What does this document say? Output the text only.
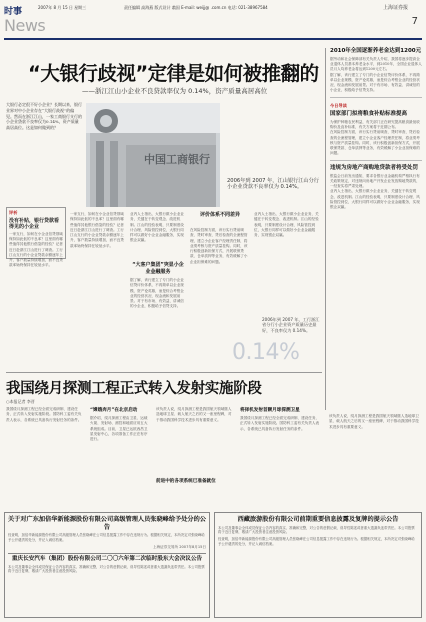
时事	2007年 8 月 15 日 星期三	责任编辑 高海燕 版式设计 翁国 E-mail: weijj@ .com.cn 电话: 021-38967584
News
上海证券报
7
“大银行歧视”定律是如何被推翻的
——浙江江山小企业不良贷款率仅为 0.14%，资产质量高居高位
大银行必定很不好小企业？长期以来，银行业界对中小企业存在“大银行歧视”的偏见。然而在浙江江山，一家工商银行支行的小企业贷款不良率仅为0.14%，资产质量高居高位。这是如何做到的？
中国工商银行
2006年到 2007 年，江山银行江山分行小企业贷款不良率仅为 0.14%。
评析
没有补贴，银行贷款看得见的小企业
一家支行，如何在小企业信贷领域保持如此低的不良率？这里面有哪些值得其他银行借鉴的经验？记者近日赴浙江江山进行了调查。工行江山支行的小企业贷款余额逐年上升，客户数量持续增加，而不良贷款率始终保持在较低水平。
一家支行，如何在小企业信贷领域保持如此低的不良率？这里面有哪些值得其他银行借鉴的经验？记者近日赴浙江江山进行了调查。工行江山支行的小企业贷款余额逐年上升，客户数量持续增加，而不良贷款率始终保持在较低水平。
“大客户集团”突显小企业金融服务
据了解，该行建立了专门的小企业信贷评价体系，不再简单以企业规模、资产论英雄，而是综合考察企业的经营状况、现金流和发展前景。对于有市场、有效益、讲诚信的小企业，积极给予信贷支持。
业内人士指出，大银行做小企业业务，关键在于转变观念、改进机制。江山的经验表明，只要制度设计合理、风险管控到位，大银行同样可以做好小企业金融服务，实现银企双赢。
评价体系不同差异
在风险控制方面，该行实行贷前调查、贷时审查、贷后检查的全流程管理，建立小企业客户经理责任制，将业绩考核与资产质量挂钩。同时，该行积极创新担保方式，开展联保贷款、仓单质押等业务，有效缓解了小企业担保难的问题。
业内人士指出，大银行做小企业业务，关键在于转变观念、改进机制。江山的经验表明，只要制度设计合理、风险管控到位，大银行同样可以做好小企业金融服务，实现银企双赢。
0.14%
2006年到 2007 年，工行浙江省分行小企业资产质量历史最好，不良率仅为 0.14%。
2010年全国逐渐养老金达到1200元
据劳动和社会保障部有关负责人介绍，我国将逐步提高企业退休人员基本养老金水平，到2010年，全国企业退休人员月人均养老金将达到1200元左右。
据了解，该行建立了专门的小企业信贷评价体系，不再简单以企业规模、资产论英雄，而是综合考察企业的经营状况、现金流和发展前景。对于有市场、有效益、讲诚信的小企业，积极给予信贷支持。
今日导读
国家部门拟将粮食补贴标准提高
为保护种粮农民利益，有关部门正在研究提高粮食最低收购价及直补标准，有关方案将于近期公布。
在风险控制方面，该行实行贷前调查、贷时审查、贷后检查的全流程管理，建立小企业客户经理责任制，将业绩考核与资产质量挂钩。同时，该行积极创新担保方式，开展联保贷款、仓单质押等业务，有效缓解了小企业担保难的问题。
违规为房地产商购地贷款者将受处罚
银监会日前发出通知，要求各银行业金融机构严格执行有关政策规定，对违规向房地产开发企业发放购地贷款的，一经查实将严肃处理。
业内人士指出，大银行做小企业业务，关键在于转变观念、改进机制。江山的经验表明，只要制度设计合理、风险管控到位，大银行同样可以做好小企业金融服务，实现银企双赢。
我国绕月探测工程正式转入发射实施阶段
○本报记者 李晋
我国绕月探测工程已经全面完成研制、建设任务，正式转入发射实施阶段。国防科工委有关负责人表示，各系统已具备执行发射任务的条件。
“嫦娥奔月”在北京启动
据介绍，绕月探测工程由卫星、运载火箭、发射场、测控和地面应用五大系统组成。目前，卫星已运抵西昌卫星发射中心，各项准备工作正在有序进行。
前进中的各项系统已准备就位
该负责人说，绕月探测工程是我国航天领域继人造地球卫星、载人航天之后的又一座里程碑，对于推动我国科学技术进步具有重要意义。
将择机发射首颗月球探测卫星
我国绕月探测工程已经全面完成研制、建设任务，正式转入发射实施阶段。国防科工委有关负责人表示，各系统已具备执行发射任务的条件。
该负责人说，绕月探测工程是我国航天领域继人造地球卫星、载人航天之后的又一座里程碑，对于推动我国科学技术进步具有重要意义。
关于对广东加倍华新能源股份有限公司高级管理人员张晓峰给予处分的公告
经查明，加倍华新能源股份有限公司高级管理人员张晓峰在公司信息披露工作中存在违规行为。根据相关规定，本所决定对张晓峰给予公开谴责的处分，并记入诚信档案。
上海证券交易所 2007年8月15日
重庆长安汽车（集团）股份有限公司二〇〇六年第二次临时股东大会决议公告
本公司及董事会全体成员保证公告内容的真实、准确和完整，对公告的虚假记载、误导性陈述或者重大遗漏负连带责任。本公司股票将于近日复牌，敬请广大投资者注意投资风险。
西藏旅游股份有限公司前期重要信息披露及复牌的提示公告
本公司及董事会全体成员保证公告内容的真实、准确和完整，对公告的虚假记载、误导性陈述或者重大遗漏负连带责任。本公司股票将于近日复牌，敬请广大投资者注意投资风险。
经查明，加倍华新能源股份有限公司高级管理人员张晓峰在公司信息披露工作中存在违规行为。根据相关规定，本所决定对张晓峰给予公开谴责的处分，并记入诚信档案。
